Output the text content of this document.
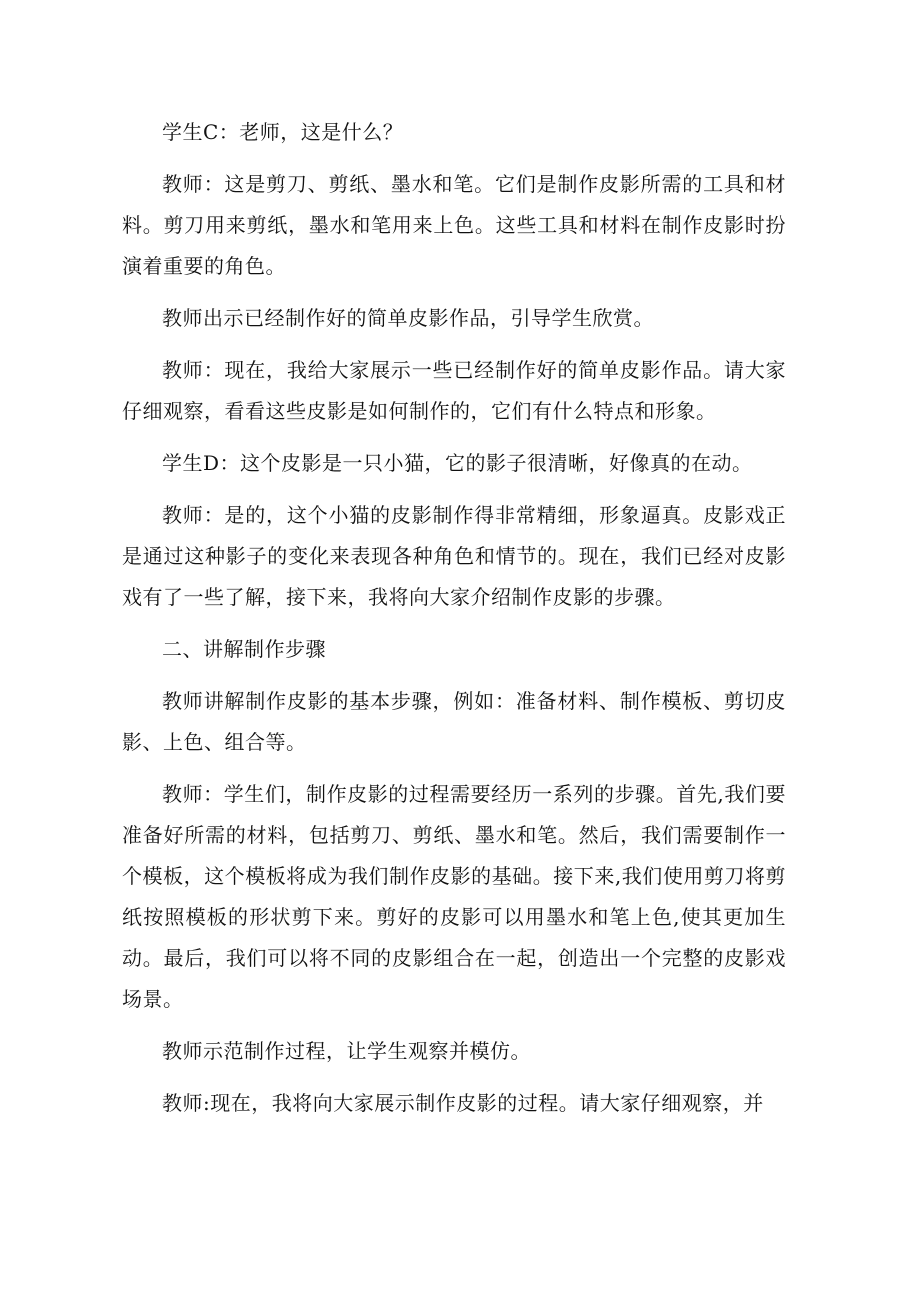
学生C：老师，这是什么？

教师：这是剪刀、剪纸、墨水和笔。它们是制作皮影所需的工具和材料。剪刀用来剪纸，墨水和笔用来上色。这些工具和材料在制作皮影时扮演着重要的角色。

教师出示已经制作好的简单皮影作品，引导学生欣赏。

教师：现在，我给大家展示一些已经制作好的简单皮影作品。请大家仔细观察，看看这些皮影是如何制作的，它们有什么特点和形象。

学生D：这个皮影是一只小猫，它的影子很清晰，好像真的在动。

教师：是的，这个小猫的皮影制作得非常精细，形象逼真。皮影戏正是通过这种影子的变化来表现各种角色和情节的。现在，我们已经对皮影戏有了一些了解，接下来，我将向大家介绍制作皮影的步骤。

二、讲解制作步骤

教师讲解制作皮影的基本步骤，例如：准备材料、制作模板、剪切皮影、上色、组合等。

教师：学生们，制作皮影的过程需要经历一系列的步骤。首先,我们要准备好所需的材料，包括剪刀、剪纸、墨水和笔。然后，我们需要制作一个模板，这个模板将成为我们制作皮影的基础。接下来,我们使用剪刀将剪纸按照模板的形状剪下来。剪好的皮影可以用墨水和笔上色,使其更加生动。最后，我们可以将不同的皮影组合在一起，创造出一个完整的皮影戏场景。

教师示范制作过程，让学生观察并模仿。

教师:现在，我将向大家展示制作皮影的过程。请大家仔细观察，并
